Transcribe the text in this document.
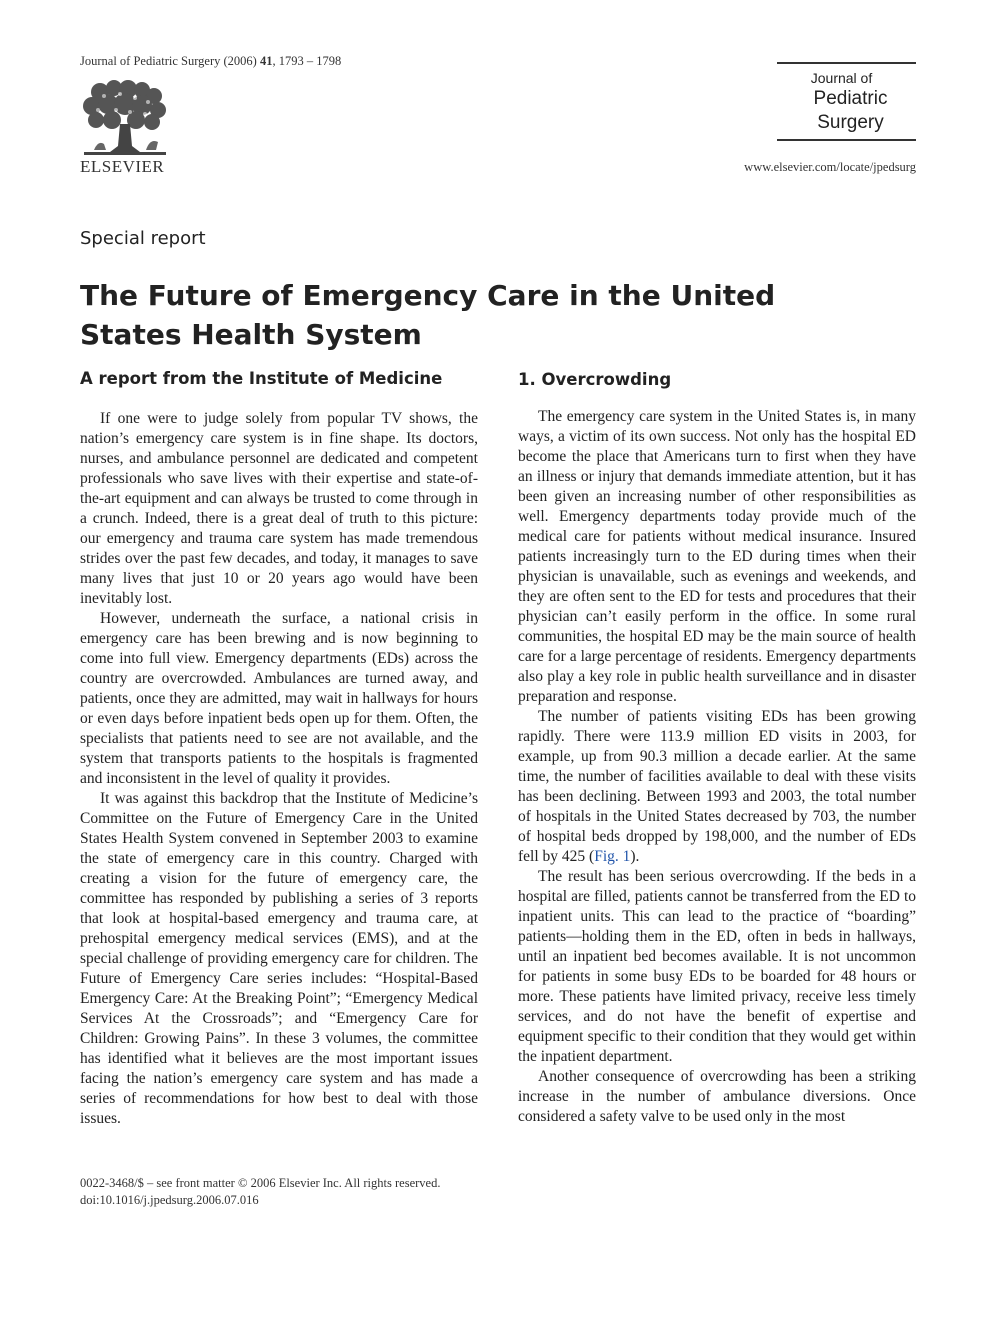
Journal of Pediatric Surgery (2006) 41, 1793 – 1798
ELSEVIER
Journal of
Pediatric
Surgery
www.elsevier.com/locate/jpedsurg
Special report
The Future of Emergency Care in the United States Health System
A report from the Institute of Medicine

If one were to judge solely from popular TV shows, the nation’s emergency care system is in fine shape. Its doctors, nurses, and ambulance personnel are dedicated and competent professionals who save lives with their expertise and state-of-the-art equipment and can always be trusted to come through in a crunch. Indeed, there is a great deal of truth to this picture: our emergency and trauma care system has made tremendous strides over the past few decades, and today, it manages to save many lives that just 10 or 20 years ago would have been inevitably lost.

However, underneath the surface, a national crisis in emergency care has been brewing and is now beginning to come into full view. Emergency departments (EDs) across the country are overcrowded. Ambulances are turned away, and patients, once they are admitted, may wait in hallways for hours or even days before inpatient beds open up for them. Often, the specialists that patients need to see are not available, and the system that transports patients to the hospitals is fragmented and inconsistent in the level of quality it provides.

It was against this backdrop that the Institute of Medicine’s Committee on the Future of Emergency Care in the United States Health System convened in September 2003 to examine the state of emergency care in this country. Charged with creating a vision for the future of emergency care, the committee has responded by publishing a series of 3 reports that look at hospital-based emergency and trauma care, at prehospital emergency medical services (EMS), and at the special challenge of providing emergency care for children. The Future of Emergency Care series includes: “Hospital-Based Emergency Care: At the Breaking Point”; “Emergency Medical Services At the Crossroads”; and “Emergency Care for Children: Growing Pains”. In these 3 volumes, the committee has identified what it believes are the most important issues facing the nation’s emergency care system and has made a series of recommendations for how best to deal with those issues.

1. Overcrowding

The emergency care system in the United States is, in many ways, a victim of its own success. Not only has the hospital ED become the place that Americans turn to first when they have an illness or injury that demands immediate attention, but it has been given an increasing number of other responsibilities as well. Emergency departments today provide much of the medical care for patients without medical insurance. Insured patients increasingly turn to the ED during times when their physician is unavailable, such as evenings and weekends, and they are often sent to the ED for tests and procedures that their physician can’t easily perform in the office. In some rural communities, the hospital ED may be the main source of health care for a large percentage of residents. Emergency departments also play a key role in public health surveillance and in disaster preparation and response.

The number of patients visiting EDs has been growing rapidly. There were 113.9 million ED visits in 2003, for example, up from 90.3 million a decade earlier. At the same time, the number of facilities available to deal with these visits has been declining. Between 1993 and 2003, the total number of hospitals in the United States decreased by 703, the number of hospital beds dropped by 198,000, and the number of EDs fell by 425 (Fig. 1).

The result has been serious overcrowding. If the beds in a hospital are filled, patients cannot be transferred from the ED to inpatient units. This can lead to the practice of “boarding” patients—holding them in the ED, often in beds in hallways, until an inpatient bed becomes available. It is not uncommon for patients in some busy EDs to be boarded for 48 hours or more. These patients have limited privacy, receive less timely services, and do not have the benefit of expertise and equipment specific to their condition that they would get within the inpatient department.

Another consequence of overcrowding has been a striking increase in the number of ambulance diversions. Once considered a safety valve to be used only in the most

0022-3468/$ – see front matter © 2006 Elsevier Inc. All rights reserved.
doi:10.1016/j.jpedsurg.2006.07.016
